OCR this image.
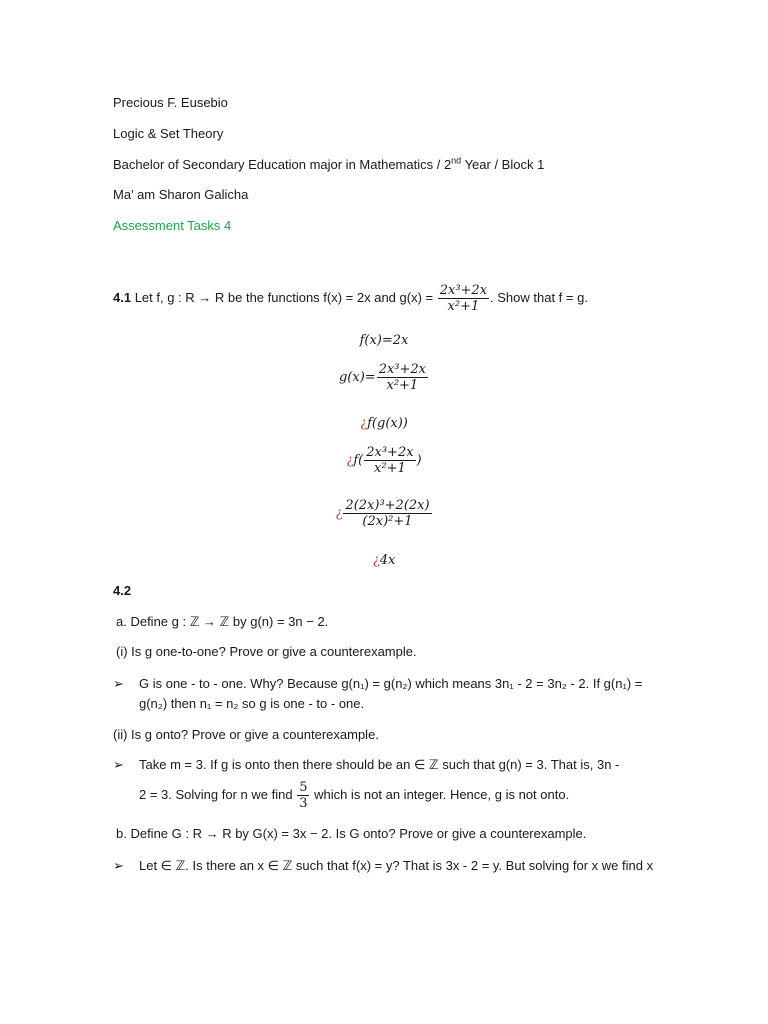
Precious F. Eusebio
Logic & Set Theory
Bachelor of Secondary Education major in Mathematics / 2nd Year / Block 1
Ma’ am Sharon Galicha
Assessment Tasks 4
4.1 Let f, g : R → R be the functions f(x) = 2x and $g(x) = \frac{\text{2x³+2x}}{\text{x²+1}}$ . Show that f = g.
f(x)=2x
$g(x)= \frac{\text{2x³+2x}}{\text{x²+1}}$
¿f(g(x))
¿$f( \frac{\text{2x³+2x}}{\text{x²+1}}$ )
¿ $\frac{\text{2(2x)³+2(2x)}}{\text{(2x)²+1}}$
¿4x
4.2
a. Define g : ℤ → ℤ by g(n) = 3n − 2.
(i) Is g one-to-one? Prove or give a counterexample.
➢ G is one - to - one. Why? Because g(n₁) = g(n₂) which means 3n₁ - 2 = 3n₂ - 2. If g(n₁) = g(n₂) then n₁ = n₂ so g is one - to - one.
(ii) Is g onto? Prove or give a counterexample.
➢ Take m = 3. If g is onto then there should be an ∈ ℤ such that g(n) = 3. That is, 3n -
2 = 3. Solving for n we find $\frac{5}{3}$ which is not an integer. Hence, g is not onto.
b. Define G : R → R by G(x) = 3x − 2. Is G onto? Prove or give a counterexample.
➢ Let ∈ ℤ. Is there an x ∈ ℤ such that f(x) = y? That is 3x - 2 = y. But solving for x we find x
